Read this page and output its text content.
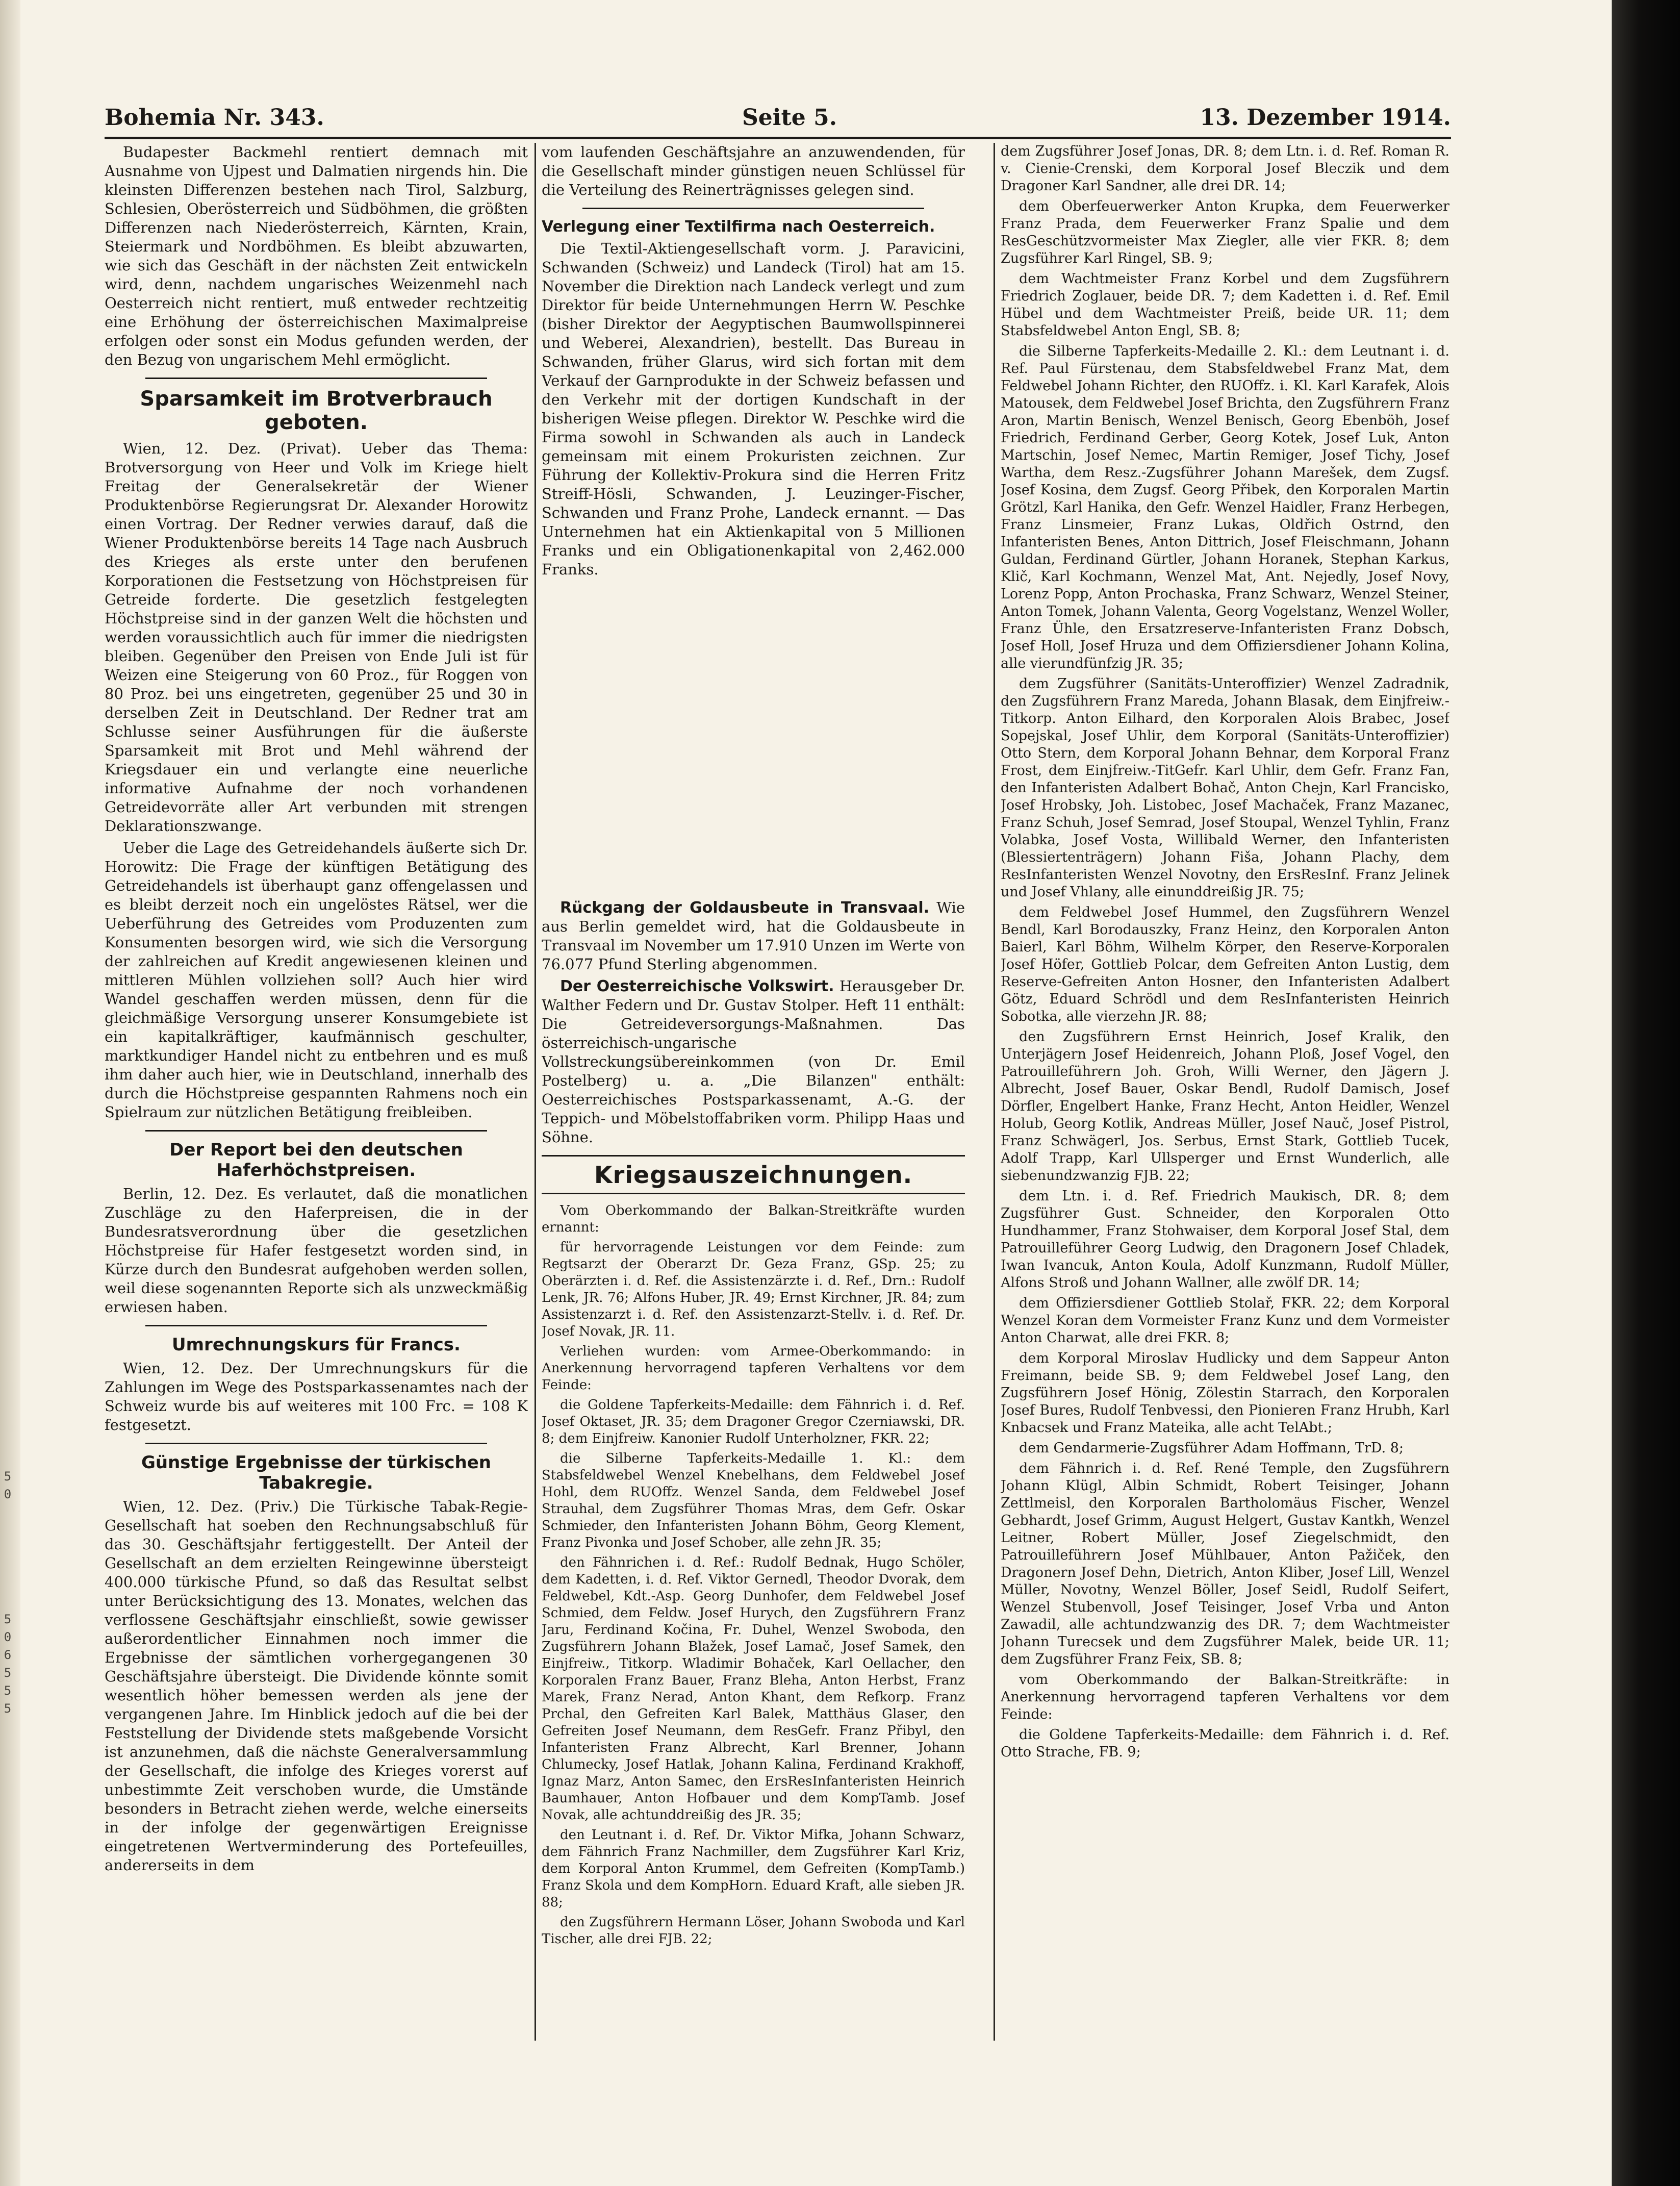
5
0
5
0
6
5
5
5
Bohemia Nr. 343.	Seite 5.	13. Dezember 1914.

Budapester Backmehl rentiert demnach mit Ausnahme von Ujpest und Dalmatien nirgends hin. Die kleinsten Differenzen bestehen nach Tirol, Salzburg, Schlesien, Oberösterreich und Südböhmen, die größten Differenzen nach Niederösterreich, Kärnten, Krain, Steiermark und Nordböhmen. Es bleibt abzuwarten, wie sich das Geschäft in der nächsten Zeit entwickeln wird, denn, nachdem ungarisches Weizenmehl nach Oesterreich nicht rentiert, muß entweder rechtzeitig eine Erhöhung der österreichischen Maximalpreise erfolgen oder sonst ein Modus gefunden werden, der den Bezug von ungarischem Mehl ermöglicht.

Sparsamkeit im Brotverbrauch geboten.

Wien, 12. Dez. (Privat). Ueber das Thema: Brotversorgung von Heer und Volk im Kriege hielt Freitag der Generalsekretär der Wiener Produktenbörse Regierungsrat Dr. Alexander Horowitz einen Vortrag. Der Redner verwies darauf, daß die Wiener Produktenbörse bereits 14 Tage nach Ausbruch des Krieges als erste unter den berufenen Korporationen die Festsetzung von Höchstpreisen für Getreide forderte. Die gesetzlich festgelegten Höchstpreise sind in der ganzen Welt die höchsten und werden voraussichtlich auch für immer die niedrigsten bleiben. Gegenüber den Preisen von Ende Juli ist für Weizen eine Steigerung von 60 Proz., für Roggen von 80 Proz. bei uns eingetreten, gegenüber 25 und 30 in derselben Zeit in Deutschland. Der Redner trat am Schlusse seiner Ausführungen für die äußerste Sparsamkeit mit Brot und Mehl während der Kriegsdauer ein und verlangte eine neuerliche informative Aufnahme der noch vorhandenen Getreidevorräte aller Art verbunden mit strengen Deklarationszwange.

Ueber die Lage des Getreidehandels äußerte sich Dr. Horowitz: Die Frage der künftigen Betätigung des Getreidehandels ist überhaupt ganz offengelassen und es bleibt derzeit noch ein ungelöstes Rätsel, wer die Ueberführung des Getreides vom Produzenten zum Konsumenten besorgen wird, wie sich die Versorgung der zahlreichen auf Kredit angewiesenen kleinen und mittleren Mühlen vollziehen soll? Auch hier wird Wandel geschaffen werden müssen, denn für die gleichmäßige Versorgung unserer Konsumgebiete ist ein kapitalkräftiger, kaufmännisch geschulter, marktkundiger Handel nicht zu entbehren und es muß ihm daher auch hier, wie in Deutschland, innerhalb des durch die Höchstpreise gespannten Rahmens noch ein Spielraum zur nützlichen Betätigung freibleiben.

Der Report bei den deutschen Haferhöchstpreisen.

Berlin, 12. Dez. Es verlautet, daß die monatlichen Zuschläge zu den Haferpreisen, die in der Bundesratsverordnung über die gesetzlichen Höchstpreise für Hafer festgesetzt worden sind, in Kürze durch den Bundesrat aufgehoben werden sollen, weil diese sogenannten Reporte sich als unzweckmäßig erwiesen haben.

Umrechnungskurs für Francs.

Wien, 12. Dez. Der Umrechnungskurs für die Zahlungen im Wege des Postsparkassenamtes nach der Schweiz wurde bis auf weiteres mit 100 Frc. = 108 K festgesetzt.

Günstige Ergebnisse der türkischen Tabakregie.

Wien, 12. Dez. (Priv.) Die Türkische Tabak-Regie-Gesellschaft hat soeben den Rechnungsabschluß für das 30. Geschäftsjahr fertiggestellt. Der Anteil der Gesellschaft an dem erzielten Reingewinne übersteigt 400.000 türkische Pfund, so daß das Resultat selbst unter Berücksichtigung des 13. Monates, welchen das verflossene Geschäftsjahr einschließt, sowie gewisser außerordentlicher Einnahmen noch immer die Ergebnisse der sämtlichen vorhergegangenen 30 Geschäftsjahre übersteigt. Die Dividende könnte somit wesentlich höher bemessen werden als jene der vergangenen Jahre. Im Hinblick jedoch auf die bei der Feststellung der Dividende stets maßgebende Vorsicht ist anzunehmen, daß die nächste Generalversammlung der Gesellschaft, die infolge des Krieges vorerst auf unbestimmte Zeit verschoben wurde, die Umstände besonders in Betracht ziehen werde, welche einerseits in der infolge der gegenwärtigen Ereignisse eingetretenen Wertverminderung des Portefeuilles, andererseits in dem

vom laufenden Geschäftsjahre an anzuwendenden, für die Gesellschaft minder günstigen neuen Schlüssel für die Verteilung des Reinerträgnisses gelegen sind.

Verlegung einer Textilfirma nach Oesterreich.

Die Textil-Aktiengesellschaft vorm. J. Paravicini, Schwanden (Schweiz) und Landeck (Tirol) hat am 15. November die Direktion nach Landeck verlegt und zum Direktor für beide Unternehmungen Herrn W. Peschke (bisher Direktor der Aegyptischen Baumwollspinnerei und Weberei, Alexandrien), bestellt. Das Bureau in Schwanden, früher Glarus, wird sich fortan mit dem Verkauf der Garnprodukte in der Schweiz befassen und den Verkehr mit der dortigen Kundschaft in der bisherigen Weise pflegen. Direktor W. Peschke wird die Firma sowohl in Schwanden als auch in Landeck gemeinsam mit einem Prokuristen zeichnen. Zur Führung der Kollektiv-Prokura sind die Herren Fritz Streiff-Hösli, Schwanden, J. Leuzinger-Fischer, Schwanden und Franz Prohe, Landeck ernannt. — Das Unternehmen hat ein Aktienkapital von 5 Millionen Franks und ein Obligationenkapital von 2,462.000 Franks.

Rückgang der Goldausbeute in Transvaal. Wie aus Berlin gemeldet wird, hat die Goldausbeute in Transvaal im November um 17.910 Unzen im Werte von 76.077 Pfund Sterling abgenommen.

Der Oesterreichische Volkswirt. Herausgeber Dr. Walther Federn und Dr. Gustav Stolper. Heft 11 enthält: Die Getreideversorgungs-Maßnahmen. Das österreichisch-ungarische Vollstreckungsübereinkommen (von Dr. Emil Postelberg) u. a. „Die Bilanzen" enthält: Oesterreichisches Postsparkassenamt, A.-G. der Teppich- und Möbelstoffabriken vorm. Philipp Haas und Söhne.

Kriegsauszeichnungen.

Vom Oberkommando der Balkan-Streitkräfte wurden ernannt:

für hervorragende Leistungen vor dem Feinde: zum Regtsarzt der Oberarzt Dr. Geza Franz, GSp. 25; zu Oberärzten i. d. Ref. die Assistenzärzte i. d. Ref., Drn.: Rudolf Lenk, JR. 76; Alfons Huber, JR. 49; Ernst Kirchner, JR. 84; zum Assistenzarzt i. d. Ref. den Assistenzarzt-Stellv. i. d. Ref. Dr. Josef Novak, JR. 11.

Verliehen wurden: vom Armee-Oberkommando: in Anerkennung hervorragend tapferen Verhaltens vor dem Feinde:

die Goldene Tapferkeits-Medaille: dem Fähnrich i. d. Ref. Josef Oktaset, JR. 35; dem Dragoner Gregor Czerniawski, DR. 8; dem Einjfreiw. Kanonier Rudolf Unterholzner, FKR. 22;

die Silberne Tapferkeits-Medaille 1. Kl.: dem Stabsfeldwebel Wenzel Knebelhans, dem Feldwebel Josef Hohl, dem RUOffz. Wenzel Sanda, dem Feldwebel Josef Strauhal, dem Zugsführer Thomas Mras, dem Gefr. Oskar Schmieder, den Infanteristen Johann Böhm, Georg Klement, Franz Pivonka und Josef Schober, alle zehn JR. 35;

den Fähnrichen i. d. Ref.: Rudolf Bednak, Hugo Schöler, dem Kadetten, i. d. Ref. Viktor Gernedl, Theodor Dvorak, dem Feldwebel, Kdt.-Asp. Georg Dunhofer, dem Feldwebel Josef Schmied, dem Feldw. Josef Hurych, den Zugsführern Franz Jaru, Ferdinand Kočina, Fr. Duhel, Wenzel Swoboda, den Zugsführern Johann Blažek, Josef Lamač, Josef Samek, den Einjfreiw., Titkorp. Wladimir Bohaček, Karl Oellacher, den Korporalen Franz Bauer, Franz Bleha, Anton Herbst, Franz Marek, Franz Nerad, Anton Khant, dem Refkorp. Franz Prchal, den Gefreiten Karl Balek, Matthäus Glaser, den Gefreiten Josef Neumann, dem ResGefr. Franz Přibyl, den Infanteristen Franz Albrecht, Karl Brenner, Johann Chlumecky, Josef Hatlak, Johann Kalina, Ferdinand Krakhoff, Ignaz Marz, Anton Samec, den ErsResInfanteristen Heinrich Baumhauer, Anton Hofbauer und dem KompTamb. Josef Novak, alle achtunddreißig des JR. 35;

den Leutnant i. d. Ref. Dr. Viktor Mifka, Johann Schwarz, dem Fähnrich Franz Nachmiller, dem Zugsführer Karl Kriz, dem Korporal Anton Krummel, dem Gefreiten (KompTamb.) Franz Skola und dem KompHorn. Eduard Kraft, alle sieben JR. 88;

den Zugsführern Hermann Löser, Johann Swoboda und Karl Tischer, alle drei FJB. 22;

dem Zugsführer Josef Jonas, DR. 8; dem Ltn. i. d. Ref. Roman R. v. Cienie-Crenski, dem Korporal Josef Bleczik und dem Dragoner Karl Sandner, alle drei DR. 14;

dem Oberfeuerwerker Anton Krupka, dem Feuerwerker Franz Prada, dem Feuerwerker Franz Spalie und dem ResGeschützvormeister Max Ziegler, alle vier FKR. 8; dem Zugsführer Karl Ringel, SB. 9;

dem Wachtmeister Franz Korbel und dem Zugsführern Friedrich Zoglauer, beide DR. 7; dem Kadetten i. d. Ref. Emil Hübel und dem Wachtmeister Preiß, beide UR. 11; dem Stabsfeldwebel Anton Engl, SB. 8;

die Silberne Tapferkeits-Medaille 2. Kl.: dem Leutnant i. d. Ref. Paul Fürstenau, dem Stabsfeldwebel Franz Mat, dem Feldwebel Johann Richter, den RUOffz. i. Kl. Karl Karafek, Alois Matousek, dem Feldwebel Josef Brichta, den Zugsführern Franz Aron, Martin Benisch, Wenzel Benisch, Georg Ebenböh, Josef Friedrich, Ferdinand Gerber, Georg Kotek, Josef Luk, Anton Martschin, Josef Nemec, Martin Remiger, Josef Tichy, Josef Wartha, dem Resz.-Zugsführer Johann Marešek, dem Zugsf. Josef Kosina, dem Zugsf. Georg Přibek, den Korporalen Martin Grötzl, Karl Hanika, den Gefr. Wenzel Haidler, Franz Herbegen, Franz Linsmeier, Franz Lukas, Oldřich Ostrnd, den Infanteristen Benes, Anton Dittrich, Josef Fleischmann, Johann Guldan, Ferdinand Gürtler, Johann Horanek, Stephan Karkus, Klič, Karl Kochmann, Wenzel Mat, Ant. Nejedly, Josef Novy, Lorenz Popp, Anton Prochaska, Franz Schwarz, Wenzel Steiner, Anton Tomek, Johann Valenta, Georg Vogelstanz, Wenzel Woller, Franz Ühle, den Ersatzreserve-Infanteristen Franz Dobsch, Josef Holl, Josef Hruza und dem Offiziersdiener Johann Kolina, alle vierundfünfzig JR. 35;

dem Zugsführer (Sanitäts-Unteroffizier) Wenzel Zadradnik, den Zugsführern Franz Mareda, Johann Blasak, dem Einjfreiw.-Titkorp. Anton Eilhard, den Korporalen Alois Brabec, Josef Sopejskal, Josef Uhlir, dem Korporal (Sanitäts-Unteroffizier) Otto Stern, dem Korporal Johann Behnar, dem Korporal Franz Frost, dem Einjfreiw.-TitGefr. Karl Uhlir, dem Gefr. Franz Fan, den Infanteristen Adalbert Bohač, Anton Chejn, Karl Francisko, Josef Hrobsky, Joh. Listobec, Josef Machaček, Franz Mazanec, Franz Schuh, Josef Semrad, Josef Stoupal, Wenzel Tyhlin, Franz Volabka, Josef Vosta, Willibald Werner, den Infanteristen (Blessiertenträgern) Johann Fiša, Johann Plachy, dem ResInfanteristen Wenzel Novotny, den ErsResInf. Franz Jelinek und Josef Vhlany, alle einunddreißig JR. 75;

dem Feldwebel Josef Hummel, den Zugsführern Wenzel Bendl, Karl Borodauszky, Franz Heinz, den Korporalen Anton Baierl, Karl Böhm, Wilhelm Körper, den Reserve-Korporalen Josef Höfer, Gottlieb Polcar, dem Gefreiten Anton Lustig, dem Reserve-Gefreiten Anton Hosner, den Infanteristen Adalbert Götz, Eduard Schrödl und dem ResInfanteristen Heinrich Sobotka, alle vierzehn JR. 88;

den Zugsführern Ernst Heinrich, Josef Kralik, den Unterjägern Josef Heidenreich, Johann Ploß, Josef Vogel, den Patrouilleführern Joh. Groh, Willi Werner, den Jägern J. Albrecht, Josef Bauer, Oskar Bendl, Rudolf Damisch, Josef Dörfler, Engelbert Hanke, Franz Hecht, Anton Heidler, Wenzel Holub, Georg Kotlik, Andreas Müller, Josef Nauč, Josef Pistrol, Franz Schwägerl, Jos. Serbus, Ernst Stark, Gottlieb Tucek, Adolf Trapp, Karl Ullsperger und Ernst Wunderlich, alle siebenundzwanzig FJB. 22;

dem Ltn. i. d. Ref. Friedrich Maukisch, DR. 8; dem Zugsführer Gust. Schneider, den Korporalen Otto Hundhammer, Franz Stohwaiser, dem Korporal Josef Stal, dem Patrouilleführer Georg Ludwig, den Dragonern Josef Chladek, Iwan Ivancuk, Anton Koula, Adolf Kunzmann, Rudolf Müller, Alfons Stroß und Johann Wallner, alle zwölf DR. 14;

dem Offiziersdiener Gottlieb Stolař, FKR. 22; dem Korporal Wenzel Koran dem Vormeister Franz Kunz und dem Vormeister Anton Charwat, alle drei FKR. 8;

dem Korporal Miroslav Hudlicky und dem Sappeur Anton Freimann, beide SB. 9; dem Feldwebel Josef Lang, den Zugsführern Josef Hönig, Zölestin Starrach, den Korporalen Josef Bures, Rudolf Tenbvessi, den Pionieren Franz Hrubh, Karl Knbacsek und Franz Mateika, alle acht TelAbt.;

dem Gendarmerie-Zugsführer Adam Hoffmann, TrD. 8;

dem Fähnrich i. d. Ref. René Temple, den Zugsführern Johann Klügl, Albin Schmidt, Robert Teisinger, Johann Zettlmeisl, den Korporalen Bartholomäus Fischer, Wenzel Gebhardt, Josef Grimm, August Helgert, Gustav Kantkh, Wenzel Leitner, Robert Müller, Josef Ziegelschmidt, den Patrouilleführern Josef Mühlbauer, Anton Pažiček, den Dragonern Josef Dehn, Dietrich, Anton Kliber, Josef Lill, Wenzel Müller, Novotny, Wenzel Böller, Josef Seidl, Rudolf Seifert, Wenzel Stubenvoll, Josef Teisinger, Josef Vrba und Anton Zawadil, alle achtundzwanzig des DR. 7; dem Wachtmeister Johann Turecsek und dem Zugsführer Malek, beide UR. 11; dem Zugsführer Franz Feix, SB. 8;

vom Oberkommando der Balkan-Streitkräfte: in Anerkennung hervorragend tapferen Verhaltens vor dem Feinde:

die Goldene Tapferkeits-Medaille: dem Fähnrich i. d. Ref. Otto Strache, FB. 9;
